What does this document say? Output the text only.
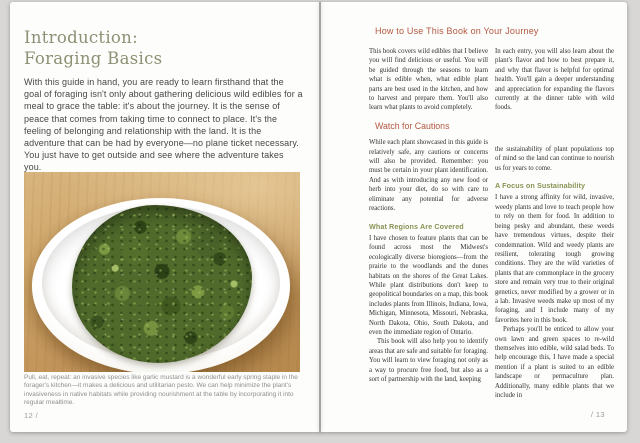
Introduction:
Foraging Basics
With this guide in hand, you are ready to learn firsthand that the goal of foraging isn't only about gathering delicious wild edibles for a meal to grace the table: it's about the journey. It is the sense of peace that comes from taking time to connect to place. It's the feeling of belonging and relationship with the land. It is the adventure that can be had by everyone—no plane ticket necessary. You just have to get outside and see where the adventure takes you.
Pull, eat, repeat: an invasive species like garlic mustard is a wonderful early spring staple in the forager's kitchen—it makes a delicious and utilitarian pesto. We can help minimize the plant's invasiveness in native habitats while providing nourishment at the table by incorporating it into regular mealtime.
12 /
How to Use This Book on Your Journey

This book covers wild edibles that I believe you will find delicious or useful. You will be guided through the seasons to learn what is edible when, what edible plant parts are best used in the kitchen, and how to harvest and prepare them. You'll also learn what plants to avoid completely.

Watch for Cautions

While each plant showcased in this guide is relatively safe, any cautions or concerns will also be provided. Remember: you must be certain in your plant identification. And as with introducing any new food or herb into your diet, do so with care to eliminate any potential for adverse reactions.

What Regions Are Covered

I have chosen to feature plants that can be found across most the Midwest's ecologically diverse bioregions—from the prairie to the woodlands and the dunes habitats on the shores of the Great Lakes. While plant distributions don't keep to geopolitical boundaries on a map, this book includes plants from Illinois, Indiana, Iowa, Michigan, Minnesota, Missouri, Nebraska, North Dakota, Ohio, South Dakota, and even the immediate region of Ontario.

This book will also help you to identify areas that are safe and suitable for foraging. You will learn to view foraging not only as a way to procure free food, but also as a sort of partnership with the land, keeping

In each entry, you will also learn about the plant's flavor and how to best prepare it, and why that flavor is helpful for optimal health. You'll gain a deeper understanding and appreciation for expanding the flavors currently at the dinner table with wild foods.

the sustainability of plant populations top of mind so the land can continue to nourish us for years to come.

A Focus on Sustainability

I have a strong affinity for wild, invasive, weedy plants and love to teach people how to rely on them for food. In addition to being pesky and abundant, these weeds have tremendous virtues, despite their condemnation. Wild and weedy plants are resilient, tolerating tough growing conditions. They are the wild varieties of plants that are commonplace in the grocery store and remain very true to their original genetics, never modified by a grower or in a lab. Invasive weeds make up most of my foraging, and I include many of my favorites here in this book.

Perhaps you'll be enticed to allow your own lawn and green spaces to re-wild themselves into edible, wild salad beds. To help encourage this, I have made a special mention if a plant is suited to an edible landscape or permaculture plan. Additionally, many edible plants that we include in

/ 13
